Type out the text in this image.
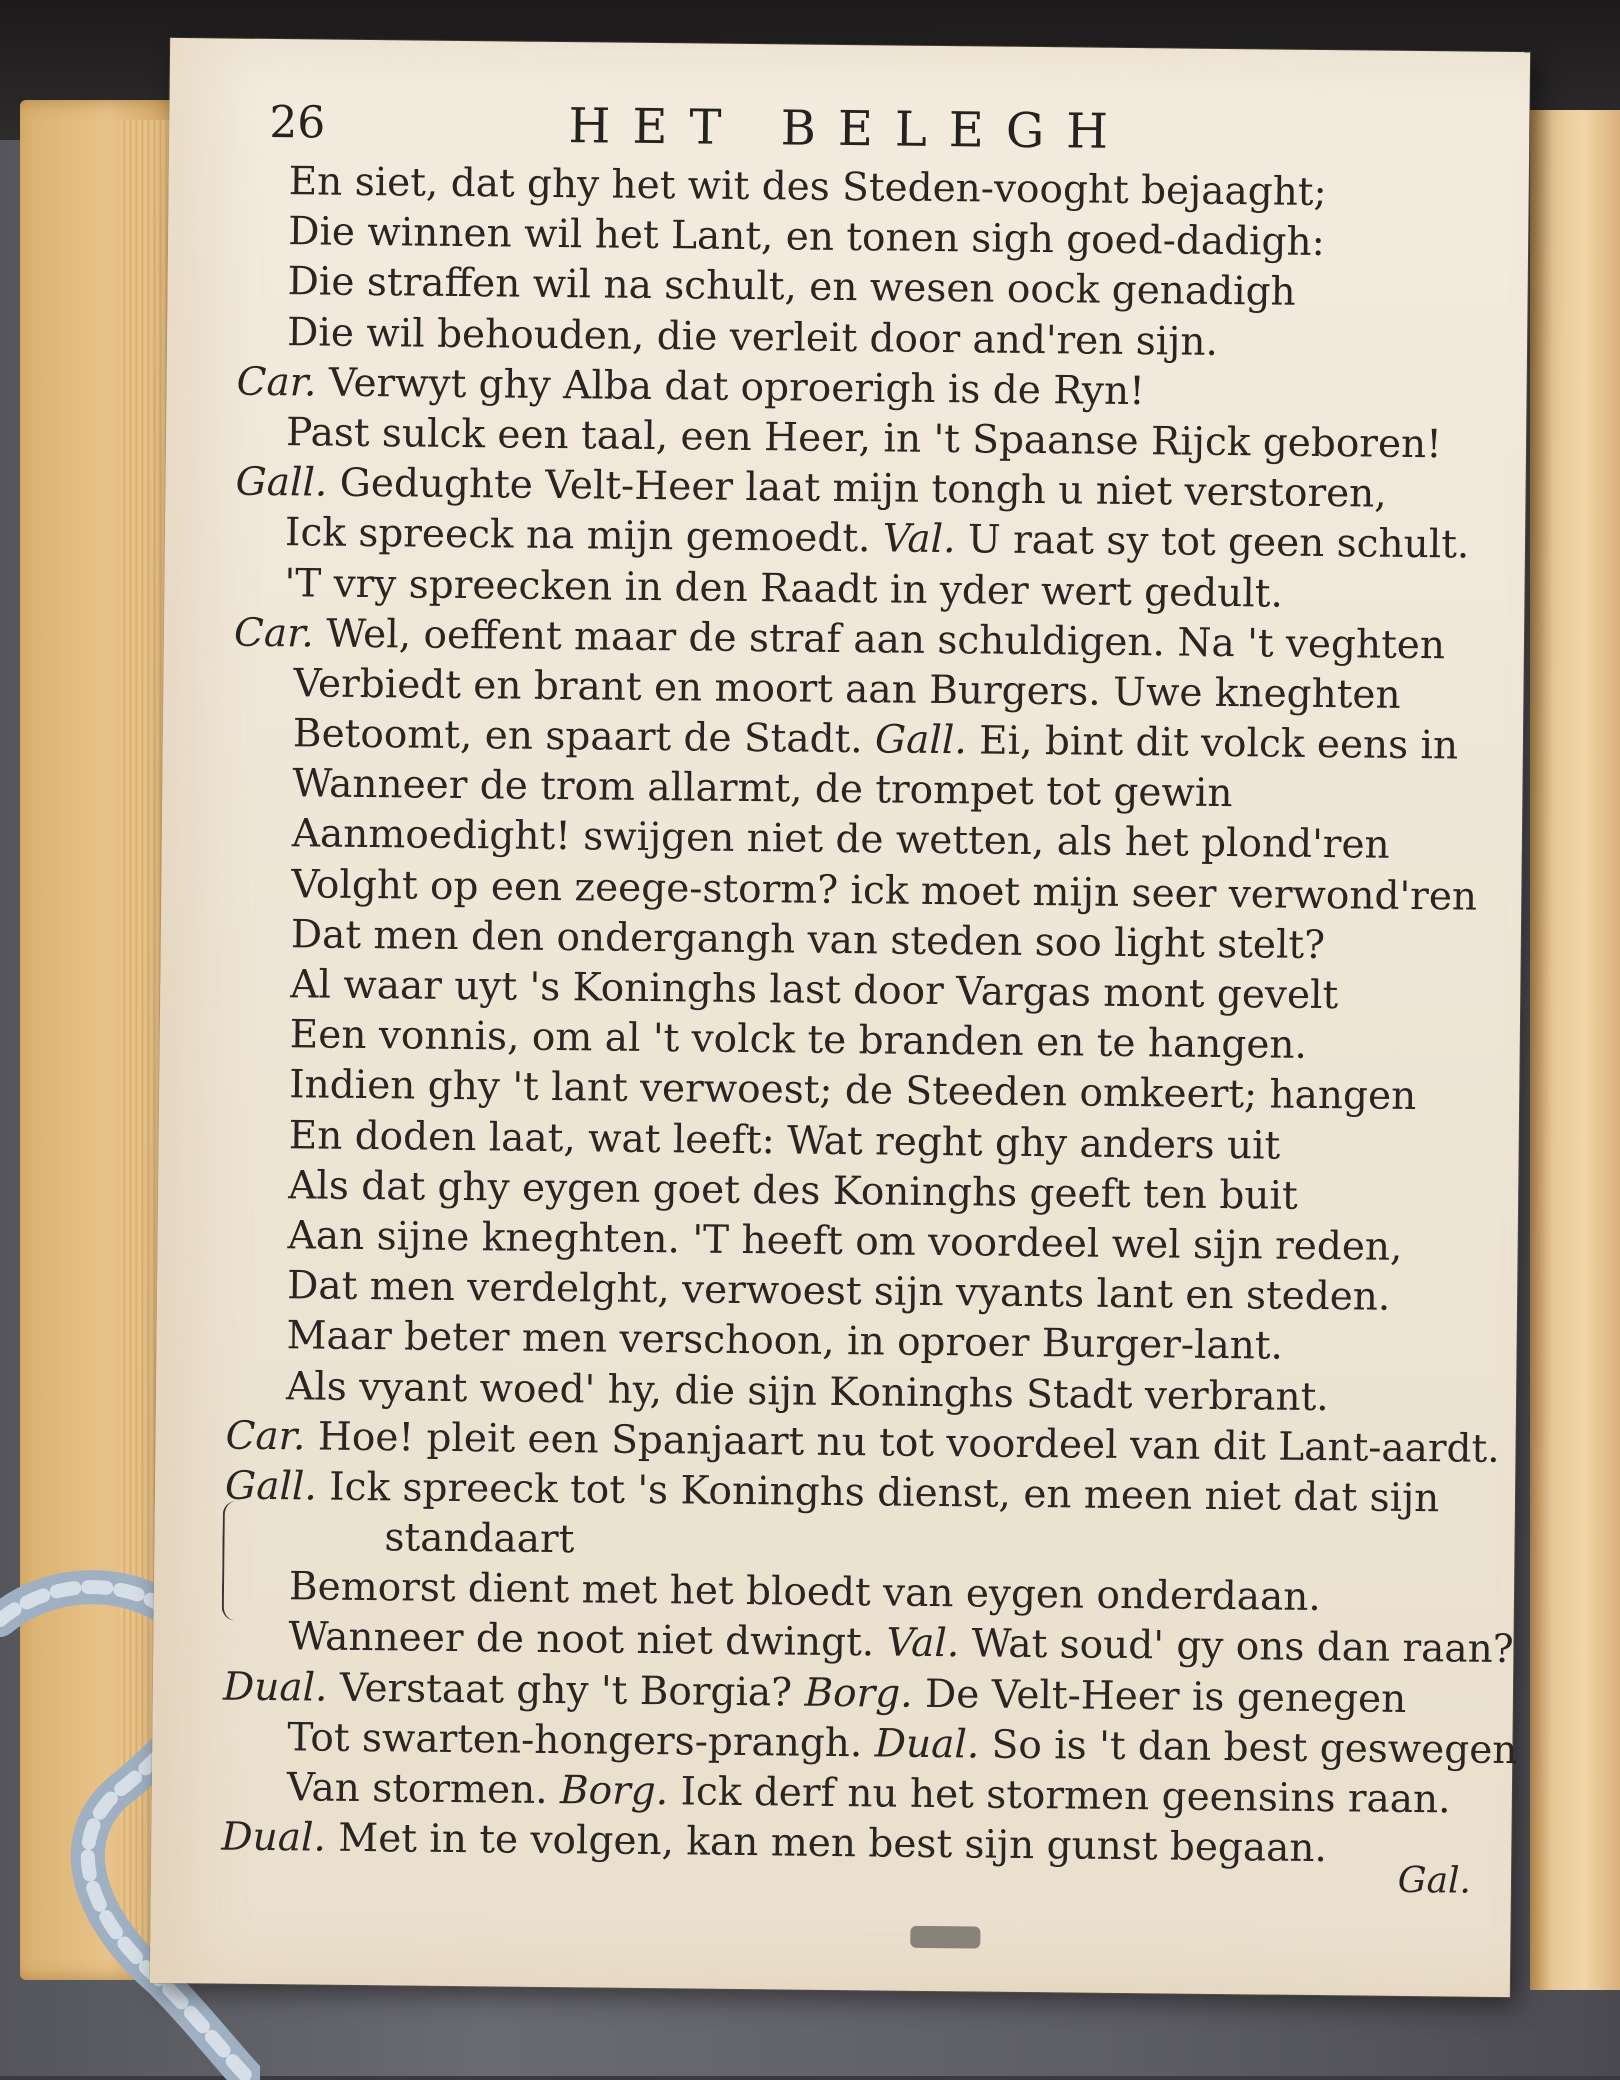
26	HET BELEGH
En siet, dat ghy het wit des Steden-vooght bejaaght;
Die winnen wil het Lant, en tonen sigh goed-dadigh:
Die straffen wil na schult, en wesen oock genadigh
Die wil behouden, die verleit door and'ren sijn.
Car. Verwyt ghy Alba dat oproerigh is de Ryn!
Past sulck een taal, een Heer, in 't Spaanse Rijck geboren!
Gall. Gedughte Velt-Heer laat mijn tongh u niet verstoren,
Ick spreeck na mijn gemoedt. Val. U raat sy tot geen schult.
'T vry spreecken in den Raadt in yder wert gedult.
Car. Wel, oeffent maar de straf aan schuldigen. Na 't veghten
Verbiedt en brant en moort aan Burgers. Uwe kneghten
Betoomt, en spaart de Stadt. Gall. Ei, bint dit volck eens in
Wanneer de trom allarmt, de trompet tot gewin
Aanmoedight! swijgen niet de wetten, als het plond'ren
Volght op een zeege-storm? ick moet mijn seer verwond'ren
Dat men den ondergangh van steden soo light stelt?
Al waar uyt 's Koninghs last door Vargas mont gevelt
Een vonnis, om al 't volck te branden en te hangen.
Indien ghy 't lant verwoest; de Steeden omkeert; hangen
En doden laat, wat leeft: Wat reght ghy anders uit
Als dat ghy eygen goet des Koninghs geeft ten buit
Aan sijne kneghten. 'T heeft om voordeel wel sijn reden,
Dat men verdelght, verwoest sijn vyants lant en steden.
Maar beter men verschoon, in oproer Burger-lant.
Als vyant woed' hy, die sijn Koninghs Stadt verbrant.
Car. Hoe! pleit een Spanjaart nu tot voordeel van dit Lant-aardt.
Gall. Ick spreeck tot 's Koninghs dienst, en meen niet dat sijn
standaart
Bemorst dient met het bloedt van eygen onderdaan.
Wanneer de noot niet dwingt. Val. Wat soud' gy ons dan raan?
Dual. Verstaat ghy 't Borgia? Borg. De Velt-Heer is genegen
Tot swarten-hongers-prangh. Dual. So is 't dan best geswegen
Van stormen. Borg. Ick derf nu het stormen geensins raan.
Dual. Met in te volgen, kan men best sijn gunst begaan.
Gal.
